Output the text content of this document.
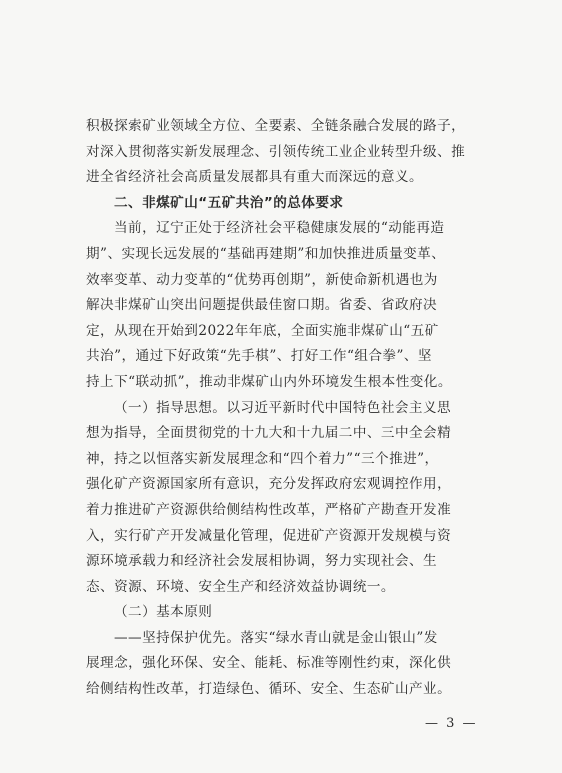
积极探索矿业领域全方位、全要素、全链条融合发展的路子，
对深入贯彻落实新发展理念、引领传统工业企业转型升级、推
进全省经济社会高质量发展都具有重大而深远的意义。
二、非煤矿山“五矿共治”的总体要求
当前，辽宁正处于经济社会平稳健康发展的“动能再造
期”、实现长远发展的“基础再建期”和加快推进质量变革、
效率变革、动力变革的“优势再创期”，新使命新机遇也为
解决非煤矿山突出问题提供最佳窗口期。省委、省政府决
定，从现在开始到2022年年底，全面实施非煤矿山“五矿
共治”，通过下好政策“先手棋”、打好工作“组合拳”、坚
持上下“联动抓”，推动非煤矿山内外环境发生根本性变化。
（一）指导思想。以习近平新时代中国特色社会主义思
想为指导，全面贯彻党的十九大和十九届二中、三中全会精
神，持之以恒落实新发展理念和“四个着力”“三个推进”，
强化矿产资源国家所有意识，充分发挥政府宏观调控作用，
着力推进矿产资源供给侧结构性改革，严格矿产勘查开发准
入，实行矿产开发减量化管理，促进矿产资源开发规模与资
源环境承载力和经济社会发展相协调，努力实现社会、生
态、资源、环境、安全生产和经济效益协调统一。
（二）基本原则
——坚持保护优先。落实“绿水青山就是金山银山”发
展理念，强化环保、安全、能耗、标准等刚性约束，深化供
给侧结构性改革，打造绿色、循环、安全、生态矿山产业。
— 3 —
